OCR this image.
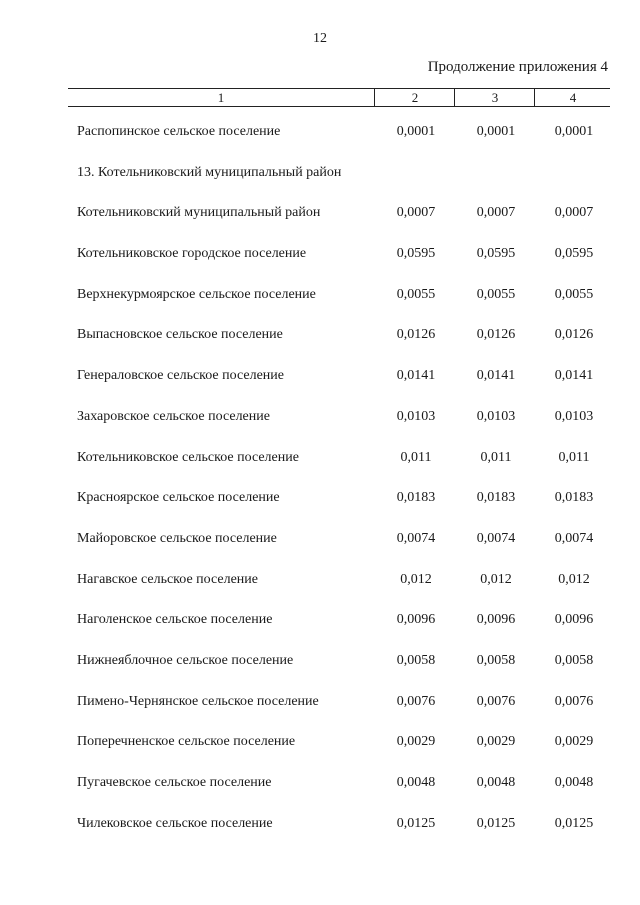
12
Продолжение приложения 4
1	2	3	4
Распопинское сельское поселение	0,0001	0,0001	0,0001
13. Котельниковский муниципальный район
Котельниковский муниципальный район	0,0007	0,0007	0,0007
Котельниковское городское поселение	0,0595	0,0595	0,0595
Верхнекурмоярское сельское поселение	0,0055	0,0055	0,0055
Выпасновское сельское поселение	0,0126	0,0126	0,0126
Генераловское сельское поселение	0,0141	0,0141	0,0141
Захаровское сельское поселение	0,0103	0,0103	0,0103
Котельниковское сельское поселение	0,011	0,011	0,011
Красноярское сельское поселение	0,0183	0,0183	0,0183
Майоровское сельское поселение	0,0074	0,0074	0,0074
Нагавское сельское поселение	0,012	0,012	0,012
Наголенское сельское поселение	0,0096	0,0096	0,0096
Нижнеяблочное сельское поселение	0,0058	0,0058	0,0058
Пимено-Чернянское сельское поселение	0,0076	0,0076	0,0076
Поперечненское сельское поселение	0,0029	0,0029	0,0029
Пугачевское сельское поселение	0,0048	0,0048	0,0048
Чилековское сельское поселение	0,0125	0,0125	0,0125
